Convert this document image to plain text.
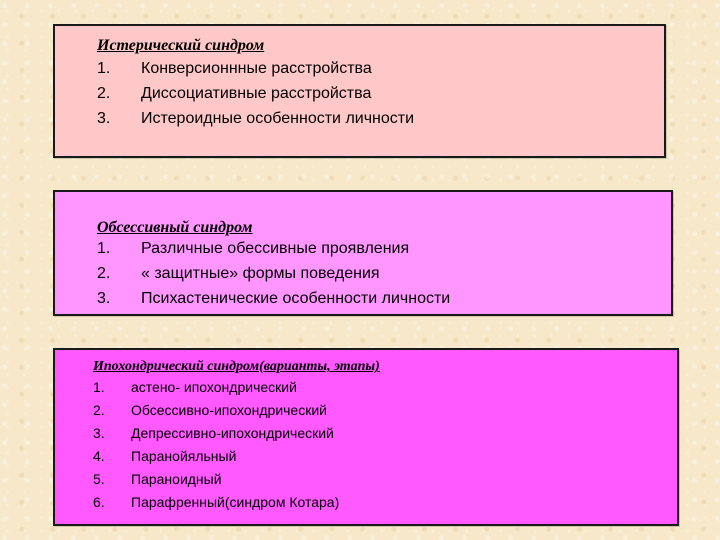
Истерический синдром

1. Конверсионнные расстройства
2. Диссоциативные расстройства
3. Истероидные особенности личности

Обсессивный синдром

1. Различные обесcивные проявления
2. « защитные» формы поведения
3. Психастенические особенности личности

Ипохондрический синдром(варианты, этапы)

1. астено- ипохондрический
2. Обсессивно-ипохондрический
3. Депрессивно-ипохондрический
4. Паранойяльный
5. Параноидный
6. Парафренный(синдром Котара)
